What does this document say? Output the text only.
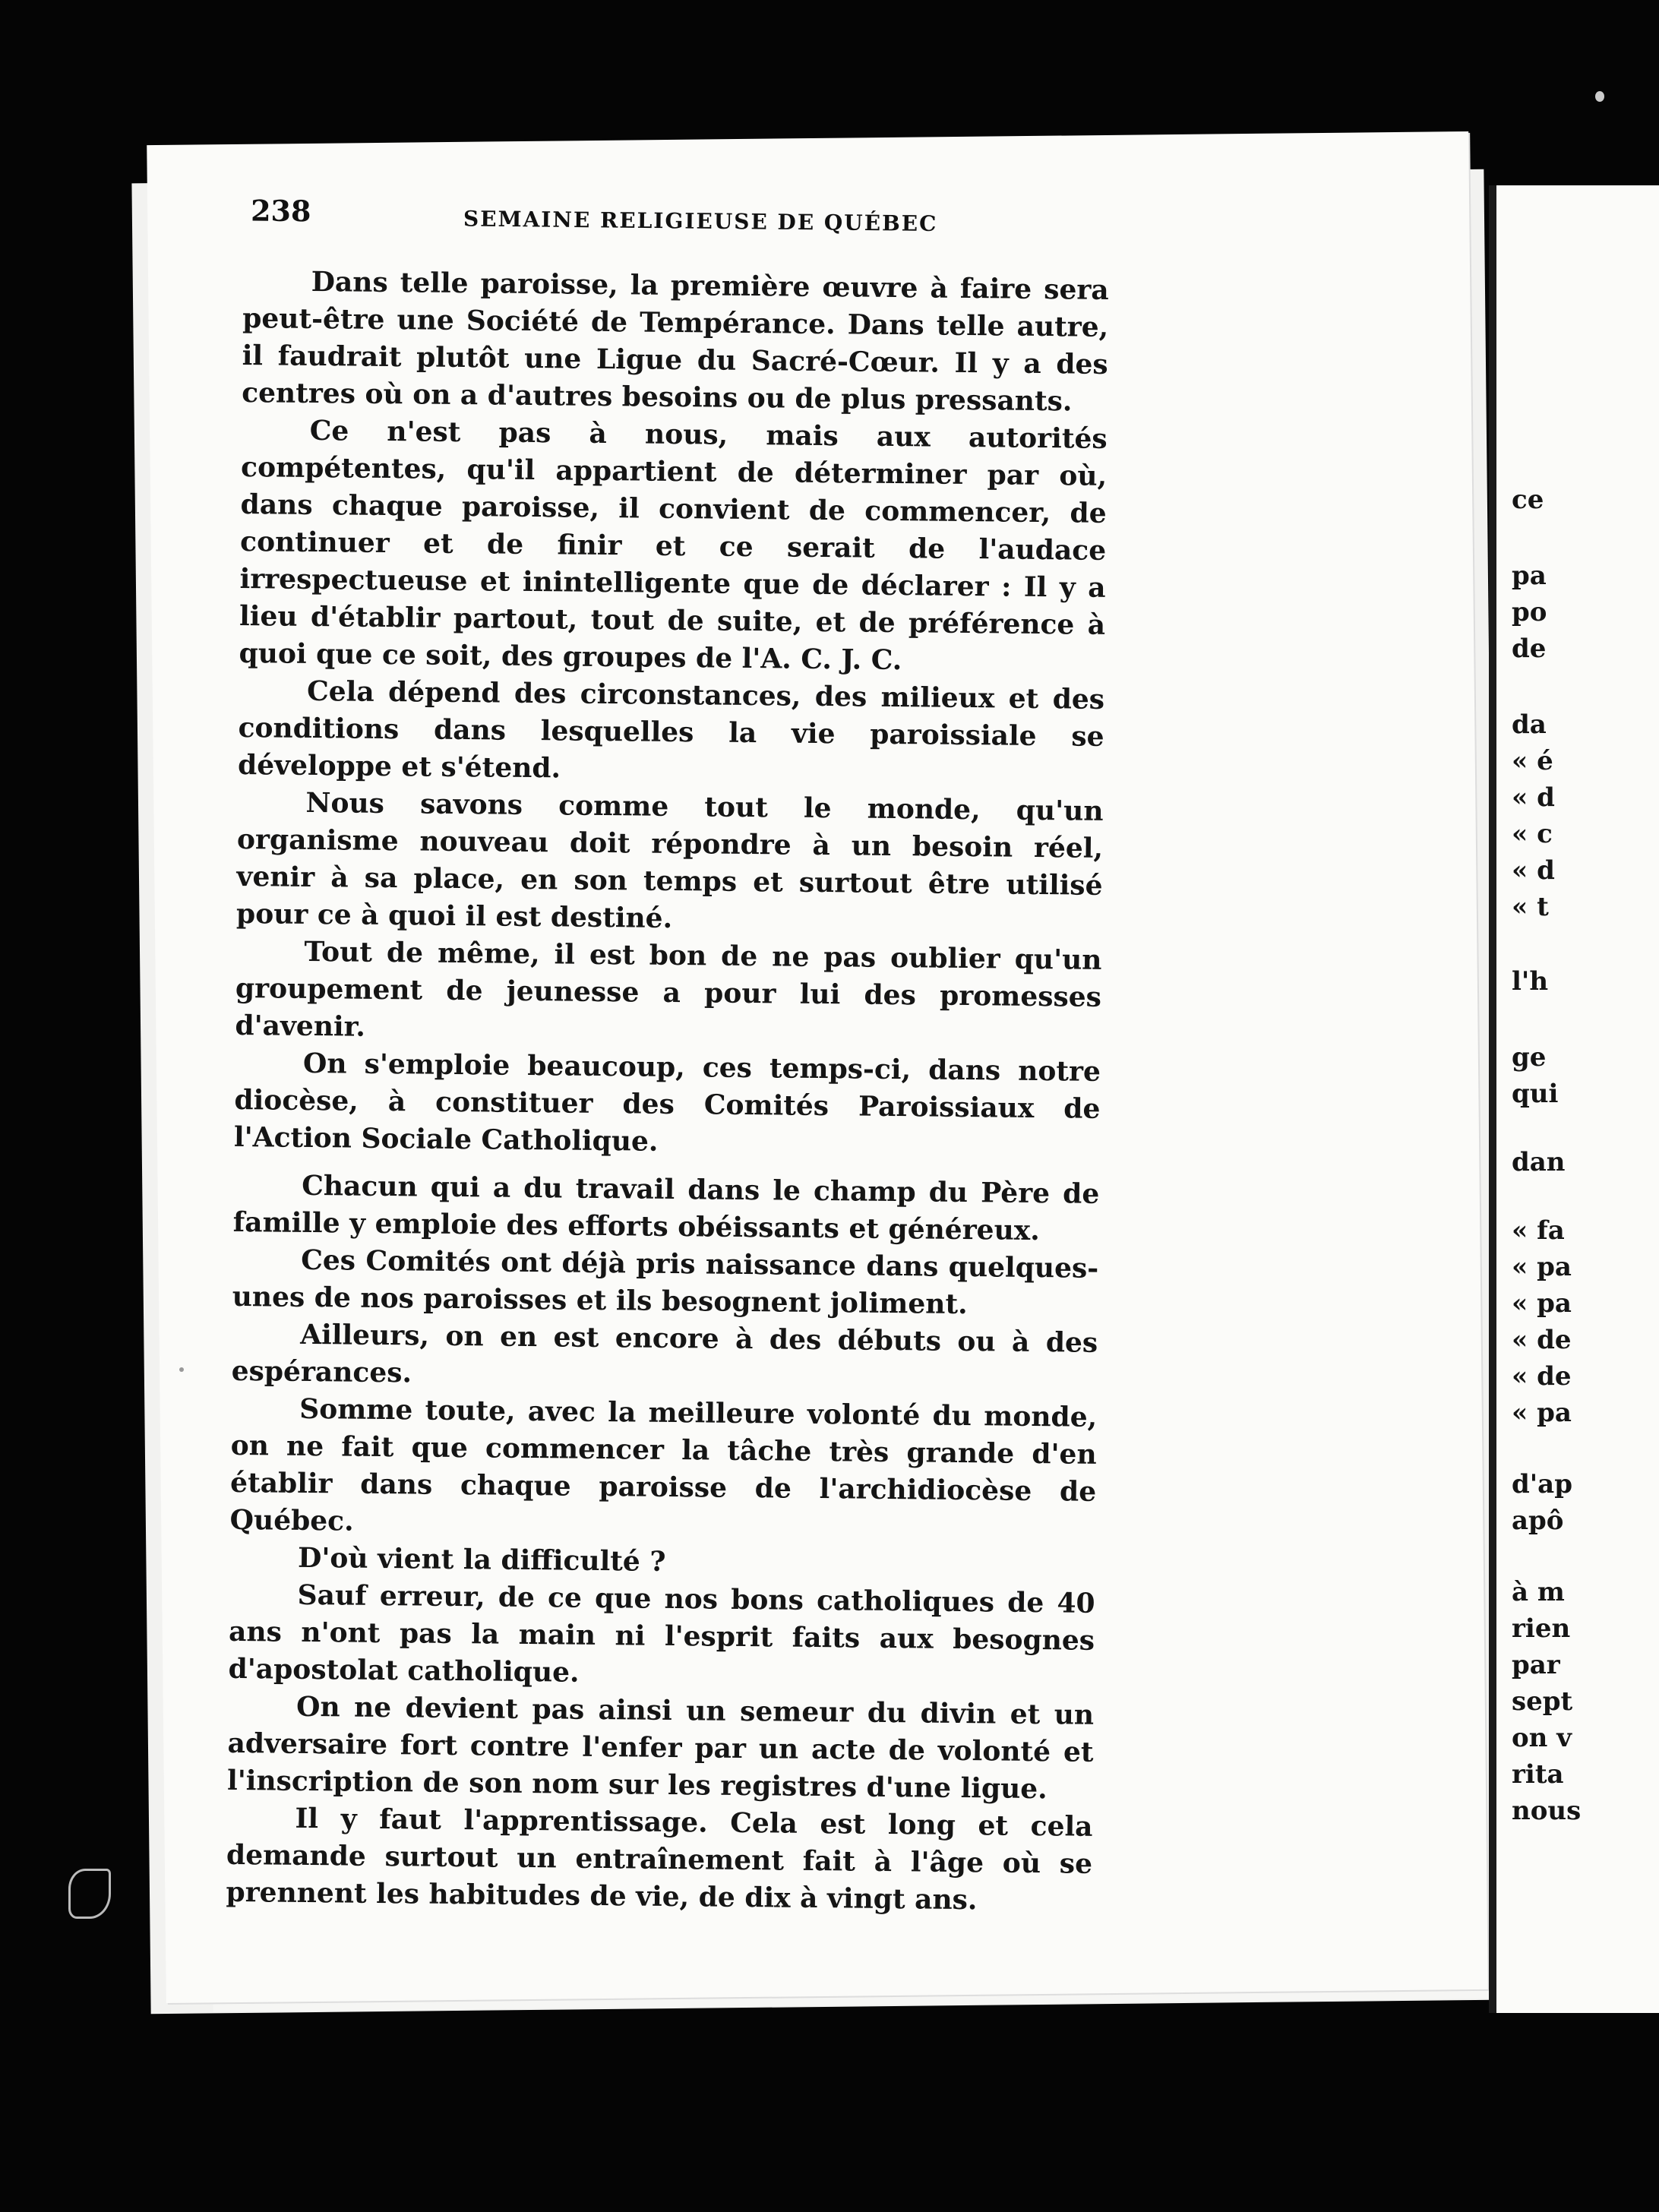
238	SEMAINE RELIGIEUSE DE QUÉBEC

Dans telle paroisse, la première œuvre à faire sera peut-être une Société de Tempérance. Dans telle autre, il faudrait plutôt une Ligue du Sacré-Cœur. Il y a des centres où on a d'autres besoins ou de plus pressants.

Ce n'est pas à nous, mais aux autorités compétentes, qu'il appartient de déterminer par où, dans chaque paroisse, il convient de commencer, de continuer et de finir et ce serait de l'audace irrespectueuse et inintelligente que de déclarer : Il y a lieu d'établir partout, tout de suite, et de préférence à quoi que ce soit, des groupes de l'A. C. J. C.

Cela dépend des circonstances, des milieux et des conditions dans lesquelles la vie paroissiale se développe et s'étend.

Nous savons comme tout le monde, qu'un organisme nouveau doit répondre à un besoin réel, venir à sa place, en son temps et surtout être utilisé pour ce à quoi il est destiné.

Tout de même, il est bon de ne pas oublier qu'un groupement de jeunesse a pour lui des promesses d'avenir.

On s'emploie beaucoup, ces temps-ci, dans notre diocèse, à constituer des Comités Paroissiaux de l'Action Sociale Catholique.

Chacun qui a du travail dans le champ du Père de famille y emploie des efforts obéissants et généreux.

Ces Comités ont déjà pris naissance dans quelques-unes de nos paroisses et ils besognent joliment.

Ailleurs, on en est encore à des débuts ou à des espérances.

Somme toute, avec la meilleure volonté du monde, on ne fait que commencer la tâche très grande d'en établir dans chaque paroisse de l'archidiocèse de Québec.

D'où vient la difficulté ?

Sauf erreur, de ce que nos bons catholiques de 40 ans n'ont pas la main ni l'esprit faits aux besognes d'apostolat catholique.

On ne devient pas ainsi un semeur du divin et un adversaire fort contre l'enfer par un acte de volonté et l'inscription de son nom sur les registres d'une ligue.

Il y faut l'apprentissage. Cela est long et cela demande surtout un entraînement fait à l'âge où se prennent les habitudes de vie, de dix à vingt ans.

ce
pa
po
de
da
« é
« d
« c
« d
« t
l'h
ge
qui
dan
« fa
« pa
« pa
« de
« de
« pa
d'ap
apô
à m
rien
par
sept
on v
rita
nous
